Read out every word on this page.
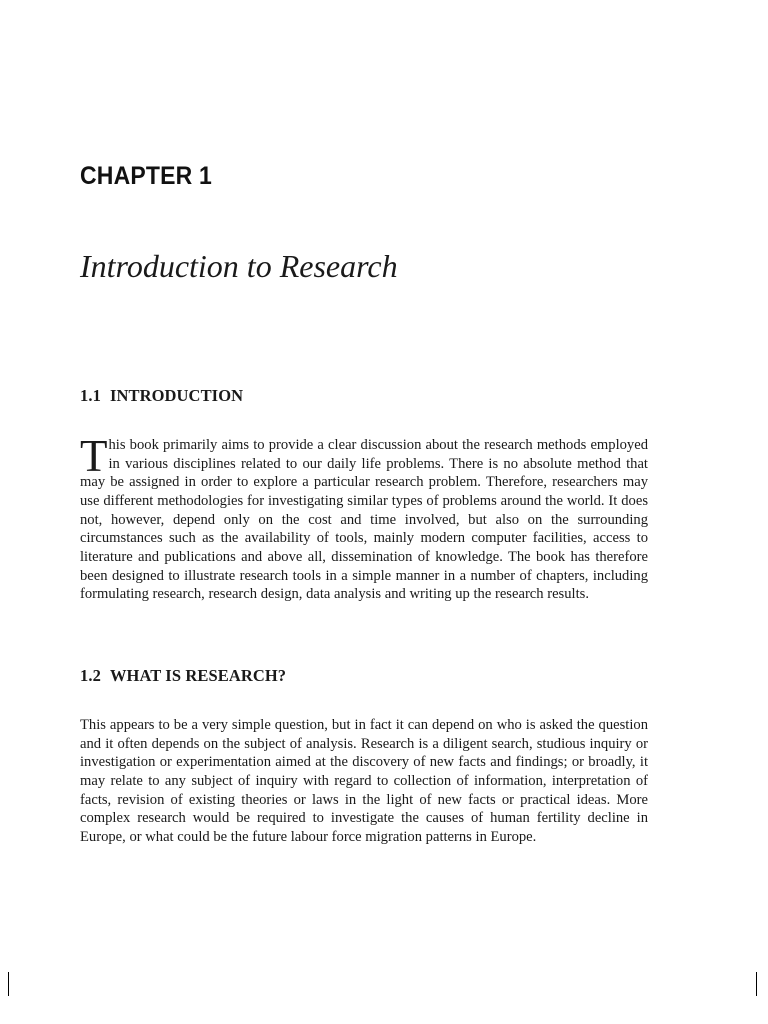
CHAPTER 1
Introduction to Research
1.1 INTRODUCTION

This book primarily aims to provide a clear discussion about the research methods employed in various disciplines related to our daily life problems. There is no absolute method that may be assigned in order to explore a particular research problem. Therefore, researchers may use different methodologies for investigating similar types of problems around the world. It does not, however, depend only on the cost and time involved, but also on the surrounding circumstances such as the availability of tools, mainly modern computer facilities, access to literature and publications and above all, dissemination of knowledge. The book has therefore been designed to illustrate research tools in a simple manner in a number of chapters, including formulating research, research design, data analysis and writing up the research results.

1.2 WHAT IS RESEARCH?

This appears to be a very simple question, but in fact it can depend on who is asked the question and it often depends on the subject of analysis. Research is a diligent search, studious inquiry or investigation or experimentation aimed at the discovery of new facts and findings; or broadly, it may relate to any subject of inquiry with regard to collection of information, interpretation of facts, revision of existing theories or laws in the light of new facts or practical ideas. More complex research would be required to investigate the causes of human fertility decline in Europe, or what could be the future labour force migration patterns in Europe.
